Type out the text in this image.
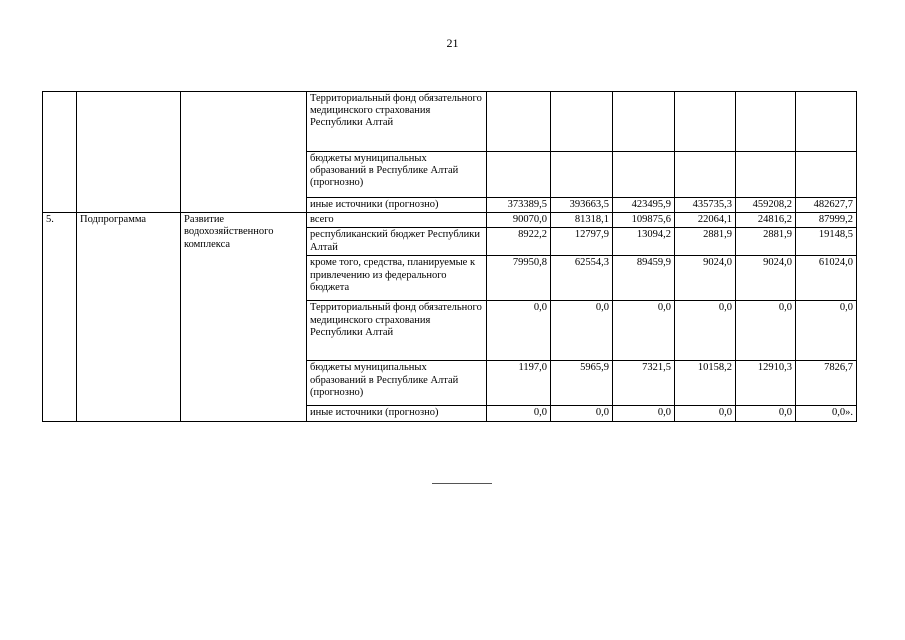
21
			Территориальный фонд обязательного медицинского страхования Республики Алтай						
			бюджеты муниципальных образований в Республике Алтай (прогнозно)						
			иные источники (прогнозно)	373389,5	393663,5	423495,9	435735,3	459208,2	482627,7
5.	Подпрограмма	Развитие водохозяйственного комплекса	всего	90070,0	81318,1	109875,6	22064,1	24816,2	87999,2
			республиканский бюджет Республики Алтай	8922,2	12797,9	13094,2	2881,9	2881,9	19148,5
			кроме того, средства, планируемые к привлечению из федерального бюджета	79950,8	62554,3	89459,9	9024,0	9024,0	61024,0
			Территориальный фонд обязательного медицинского страхования Республики Алтай	0,0	0,0	0,0	0,0	0,0	0,0
			бюджеты муниципальных образований в Республике Алтай (прогнозно)	1197,0	5965,9	7321,5	10158,2	12910,3	7826,7
			иные источники (прогнозно)	0,0	0,0	0,0	0,0	0,0	0,0».
